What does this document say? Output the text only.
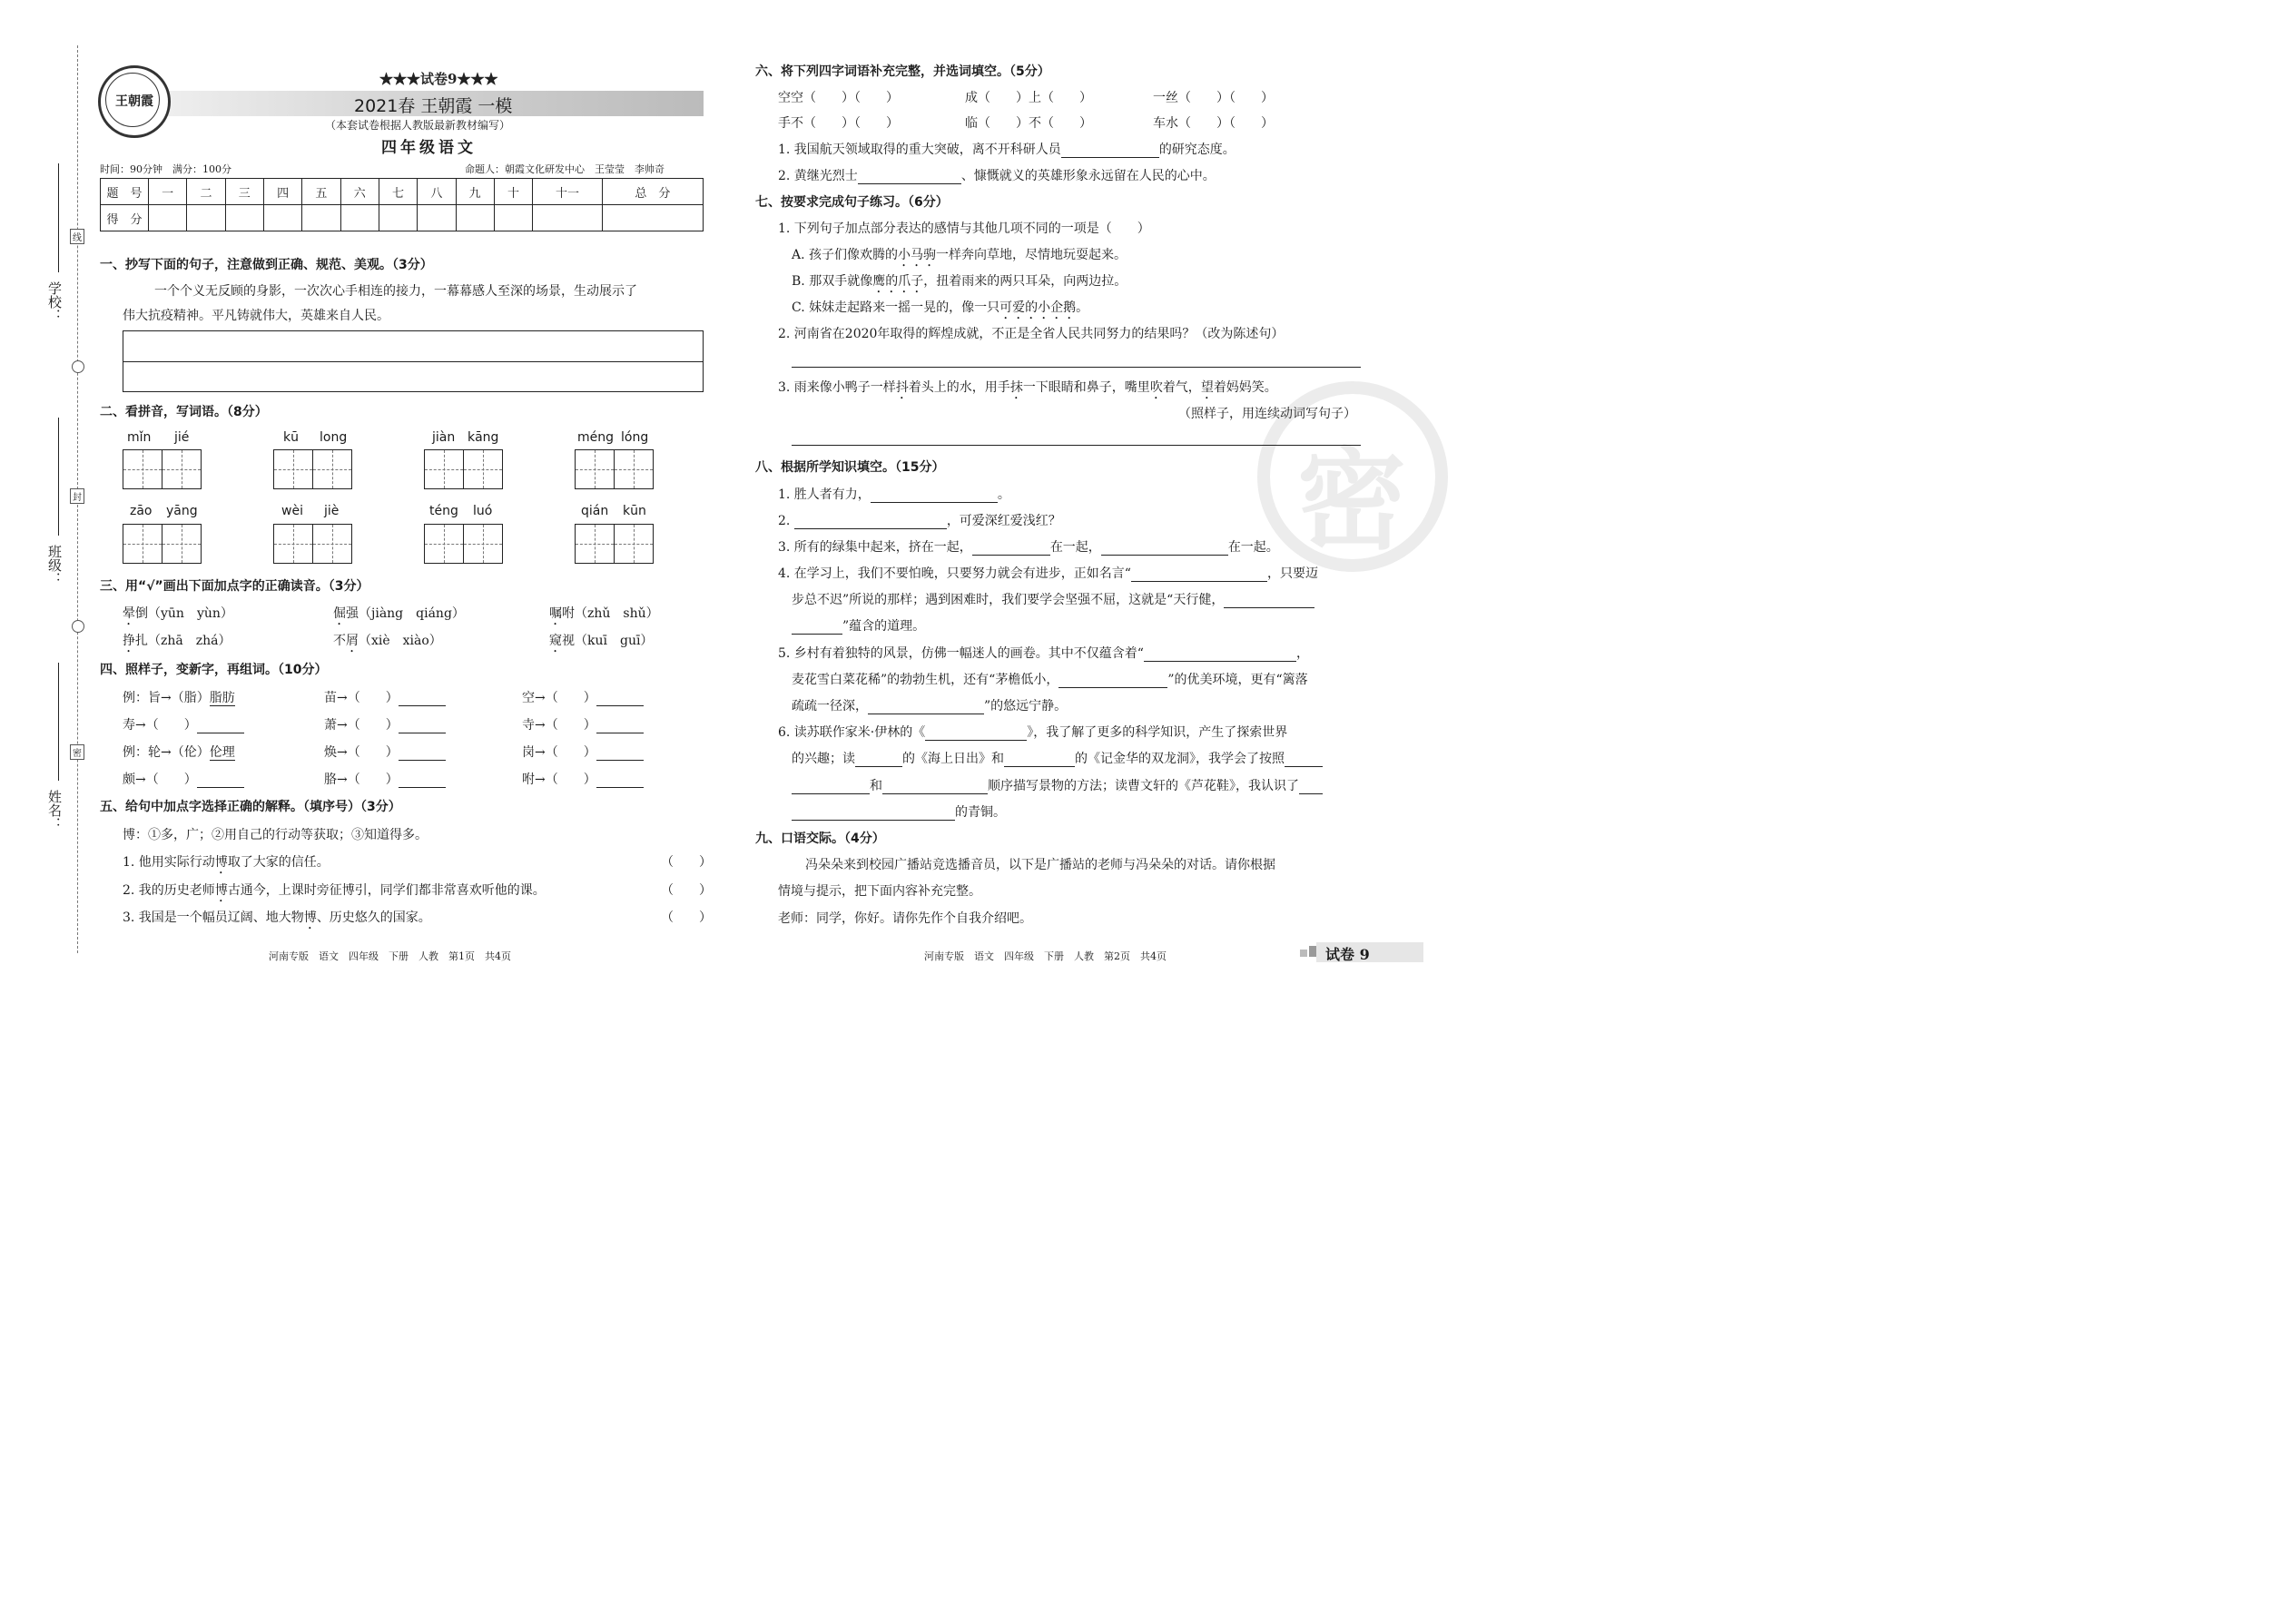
学校：
班级：
姓名：
线
封
密
王朝霞
★★★试卷9★★★
2021春 王朝霞 一模
（本套试卷根据人教版最新教材编写）
四年级语文
时间：90分钟　满分：100分	命题人：朝霞文化研发中心　王莹莹　李帅奇
题　号	一	二	三	四	五	六	七	八	九	十	十一	总　分
得　分												
一、抄写下面的句子，注意做到正确、规范、美观。（3分）
一个个义无反顾的身影，一次次心手相连的接力，一幕幕感人至深的场景，生动展示了
伟大抗疫精神。平凡铸就伟大，英雄来自人民。
二、看拼音，写词语。（8分）
mǐn jié	kū long	jiàn kāng	méng lóng
zāo yāng	wèi jiè	téng luó	qián kūn
三、用“√”画出下面加点字的正确读音。（3分）
晕倒（yūn　yùn）	倔强（jiàng　qiáng）	嘱咐（zhǔ　shǔ）
挣扎（zhā　zhá）	不屑（xiè　xiào）	窥视（kuī　guī）
四、照样子，变新字，再组词。（10分）
例：旨→（脂）脂肪	苗→（　　）	空→（　　）
寿→（　　）	萧→（　　）	寺→（　　）
例：轮→（伦）伦理	焕→（　　）	岗→（　　）
颇→（　　）	胳→（　　）	咐→（　　）
五、给句中加点字选择正确的解释。（填序号）（3分）
博：①多，广；②用自己的行动等获取；③知道得多。
1. 他用实际行动博取了大家的信任。	（　　）
2. 我的历史老师博古通今，上课时旁征博引，同学们都非常喜欢听他的课。	（　　）
3. 我国是一个幅员辽阔、地大物博、历史悠久的国家。	（　　）
河南专版　语文　四年级　下册　人教　第1页　共4页
密
六、将下列四字词语补充完整，并选词填空。（5分）
空空（　　）（　　）	成（　　）上（　　）	一丝（　　）（　　）
手不（　　）（　　）	临（　　）不（　　）	车水（　　）（　　）
1. 我国航天领域取得的重大突破，离不开科研人员	的研究态度。
2. 黄继光烈士	、慷慨就义的英雄形象永远留在人民的心中。
七、按要求完成句子练习。（6分）
1. 下列句子加点部分表达的感情与其他几项不同的一项是（　　）
A. 孩子们像欢腾的小马驹一样奔向草地，尽情地玩耍起来。
B. 那双手就像鹰的爪子，扭着雨来的两只耳朵，向两边拉。
C. 妹妹走起路来一摇一晃的，像一只可爱的小企鹅。
2. 河南省在2020年取得的辉煌成就，不正是全省人民共同努力的结果吗？（改为陈述句）
3. 雨来像小鸭子一样抖着头上的水，用手抹一下眼睛和鼻子，嘴里吹着气，望着妈妈笑。
（照样子，用连续动词写句子）
八、根据所学知识填空。（15分）
1. 胜人者有力，	。
2.	，可爱深红爱浅红？
3. 所有的绿集中起来，挤在一起，	在一起，	在一起。
4. 在学习上，我们不要怕晚，只要努力就会有进步，正如名言“	，只要迈
步总不迟”所说的那样；遇到困难时，我们要学会坚强不屈，这就是“天行健，
”蕴含的道理。
5. 乡村有着独特的风景，仿佛一幅迷人的画卷。其中不仅蕴含着“	，
麦花雪白菜花稀”的勃勃生机，还有“茅檐低小，	”的优美环境，更有“篱落
疏疏一径深，	”的悠远宁静。
6. 读苏联作家米·伊林的《	》，我了解了更多的科学知识，产生了探索世界
的兴趣；读	的《海上日出》和	的《记金华的双龙洞》，我学会了按照
和	顺序描写景物的方法；读曹文轩的《芦花鞋》，我认识了
的青铜。
九、口语交际。（4分）
冯朵朵来到校园广播站竞选播音员，以下是广播站的老师与冯朵朵的对话。请你根据
情境与提示，把下面内容补充完整。
老师：同学，你好。请你先作个自我介绍吧。
河南专版　语文　四年级　下册　人教　第2页　共4页	试卷 9
